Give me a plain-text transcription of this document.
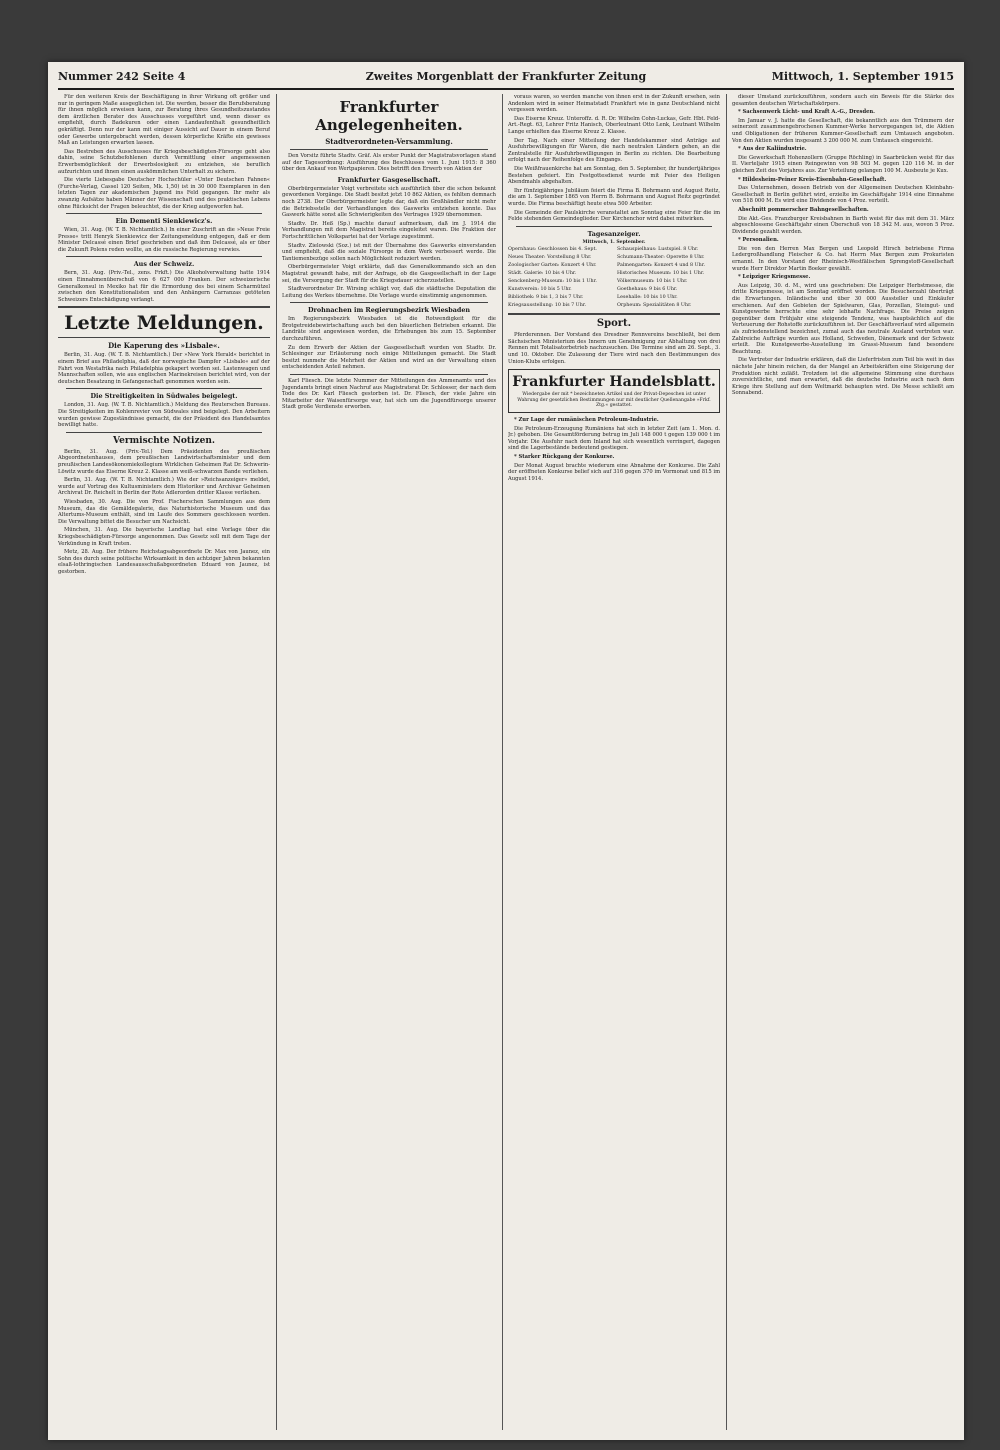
Nummer 242 Seite 4	Zweites Morgenblatt der Frankfurter Zeitung	Mittwoch, 1. September 1915

Für den weiteren Kreis der Beschäftigung in ihrer Wirkung oft größer und nur in geringem Maße ausgeglichen ist. Die werden, besser die Berufsberatung für ihnen möglich erweisen kann, zur Beratung ihres Gesundheitszustandes dem ärztlichen Berater des Ausschusses vorgeführt und, wenn dieser es empfiehlt, durch Badekuren oder einen Landaufenthalt gesundheitlich gekräftigt. Denn nur der kann mit einiger Aussicht auf Dauer in einem Beruf oder Gewerbe untergebracht werden, dessen körperliche Kräfte ein gewisses Maß an Leistungen erwarten lassen.

Das Bestreben des Ausschusses für Kriegsbeschädigten-Fürsorge geht also dahin, seine Schutzbefohlenen durch Vermittlung einer angemessenen Erwerbsmöglichkeit der Erwerbslosigkeit zu entziehen, sie beruflich aufzurichten und ihnen einen auskömmlichen Unterhalt zu sichern.

Die vierte Liebesgabe Deutscher Hochschüler »Unter Deutschen Fahnen« (Furche-Verlag, Cassel 120 Seiten, Mk. 1,50) ist in 30 000 Exemplaren in den letzten Tagen zur akademischen Jugend ins Feld gegangen. Ihr mehr als zwanzig Aufsätze haben Männer der Wissenschaft und des praktischen Lebens ohne Rücksicht der Fragen beleuchtet, die der Krieg aufgeworfen hat.

Ein Dementi Sienkiewicz's.

Wien, 31. Aug. (W. T. B. Nichtamtlich.) In einer Zuschrift an die »Neue Freie Presse« tritt Henryk Sienkiewicz der Zeitungsmeldung entgegen, daß er dem Minister Delcassé einen Brief geschrieben und daß ihm Delcassé, als er über die Zukunft Polens reden wollte, an die russische Regierung verwies.

Aus der Schweiz.

Bern, 31. Aug. (Priv.-Tel., zens. Frkft.) Die Alkoholverwaltung hatte 1914 einen Einnahmenüberschuß von 6 627 000 Franken. Der schweizerische Generalkonsul in Mexiko hat für die Ermordung des bei einem Scharmützel zwischen den Konstitutionalisten und den Anhängern Carranzas getöteten Schweizers Entschädigung verlangt.

Letzte Meldungen.
Die Kaperung des »Lisbale«.

Berlin, 31. Aug. (W. T. B. Nichtamtlich.) Der »New York Herald« berichtet in einem Brief aus Philadelphia, daß der norwegische Dampfer »Lisbale« auf der Fahrt von Westafrika nach Philadelphia gekapert worden sei. Lastenwagen und Mannschaften sollen, wie aus englischen Marinekreisen berichtet wird, von der deutschen Besatzung in Gefangenschaft genommen worden sein.

Die Streitigkeiten in Südwales beigelegt.

London, 31. Aug. (W. T. B. Nichtamtlich.) Meldung des Reuterschen Bureaus. Die Streitigkeiten im Kohlenrevier von Südwales sind beigelegt. Den Arbeitern wurden gewisse Zugeständnisse gemacht, die der Präsident des Handelsamtes bewilligt hatte.

Vermischte Notizen.

Berlin, 31. Aug. (Priv.-Tel.) Dem Präsidenten des preußischen Abgeordnetenhauses, dem preußischen Landwirtschaftsminister und dem preußischen Landesökonomiekollegium Wirklichen Geheimen Rat Dr. Schwerin-Löwitz wurde das Eiserne Kreuz 2. Klasse am weiß-schwarzen Bande verliehen.

Berlin, 31. Aug. (W. T. B. Nichtamtlich.) Wie der »Reichsanzeiger« meldet, wurde auf Vortrag des Kultusministers dem Historiker und Archivar Geheimen Archivrat Dr. Reichelt in Berlin der Rote Adlerorden dritter Klasse verliehen.

Wiesbaden, 30. Aug. Die von Prof. Fischerschen Sammlungen aus dem Museum, das die Gemäldegalerie, das Naturhistorische Museum und das Altertums-Museum enthält, sind im Laufe des Sommers geschlossen worden. Die Verwaltung bittet die Besucher um Nachsicht.

München, 31. Aug. Die bayerische Landtag hat eine Vorlage über die Kriegsbeschädigten-Fürsorge angenommen. Das Gesetz soll mit dem Tage der Verkündung in Kraft treten.

Metz, 28. Aug. Der frühere Reichstagsabgeordnete Dr. Max von Jaunez, ein Sohn des durch seine politische Wirksamkeit in den achtziger Jahren bekannten elsaß-lothringischen Landesausschußabgeordneten Eduard von Jaunez, ist gestorben.

Frankfurter Angelegenheiten.
Stadtverordneten-Versammlung.

Den Vorsitz führte Stadtv. Gräf. Als erster Punkt der Magistratsvorlagen stand auf der Tagesordnung: Ausführung des Beschlusses vom 1. Juni 1915: 8 360 über den Ankauf von Wertpapieren. Dies betrifft den Erwerb von Aktien der

Frankfurter Gasgesellschaft.

Oberbürgermeister Voigt verbreitete sich ausführlich über die schon bekannt gewordenen Vorgänge. Die Stadt besitzt jetzt 10 862 Aktien, es fehlten demnach noch 2738. Der Oberbürgermeister legte dar, daß ein Großhändler nicht mehr die Betriebsstelle der Verhandlungen des Gaswerks entziehen konnte. Das Gaswerk hätte sonst alle Schwierigkeiten des Vertrages 1929 übernommen.

Stadtv. Dr. Heß (Sp.) machte darauf aufmerksam, daß im J. 1914 die Verhandlungen mit dem Magistrat bereits eingeleitet waren. Die Fraktion der Fortschrittlichen Volkspartei hat der Vorlage zugestimmt.

Stadtv. Zielowski (Soz.) ist mit der Übernahme des Gaswerks einverstanden und empfiehlt, daß die soziale Fürsorge in dem Werk verbessert werde. Die Tantiemenbezüge sollen nach Möglichkeit reduziert werden.

Oberbürgermeister Voigt erklärte, daß das Generalkommando sich an den Magistrat gewandt habe, mit der Anfrage, ob die Gasgesellschaft in der Lage sei, die Versorgung der Stadt für die Kriegsdauer sicherzustellen.

Stadtverordneter Dr. Wirsing schlägt vor, daß die städtische Deputation die Leitung des Werkes übernehme. Die Vorlage wurde einstimmig angenommen.

Drohnachen im Regierungsbezirk Wiesbaden

Im Regierungsbezirk Wiesbaden ist die Rotwendigkeit für die Brotgetreidebewirtschaftung auch bei den bäuerlichen Betrieben erkannt. Die Landräte sind angewiesen worden, die Erhebungen bis zum 15. September durchzuführen.

Zu dem Erwerb der Aktien der Gasgesellschaft wurden von Stadtv. Dr. Schlesinger zur Erläuterung noch einige Mitteilungen gemacht. Die Stadt besitzt nunmehr die Mehrheit der Aktien und wird an der Verwaltung einen entscheidenden Anteil nehmen.

Karl Fliesch. Die letzte Nummer der Mitteilungen des Ammenamts und des Jugendamts bringt einen Nachruf aus Magistratsrat Dr. Schlosser, der nach dem Tode des Dr. Karl Fliesch gestorben ist. Dr. Fliesch, der viele Jahre ein Mitarbeiter der Waisenfürsorge war, hat sich um die Jugendfürsorge unserer Stadt große Verdienste erworben.

voraus waren, so werden manche von ihnen erst in der Zukunft ersehen, sein Andenken wird in seiner Heimatstadt Frankfurt wie in ganz Deutschland nicht vergessen werden.

Das Eiserne Kreuz. Unteroffz. d. R. Dr. Wilhelm Cohn-Luckas, Gefr. Hbt. Feld-Art.-Regt. 63, Lehrer Fritz Hanisch, Oberleutnant Otto Lenk, Leutnant Wilhelm Lange erhielten das Eiserne Kreuz 2. Klasse.

Der Tag. Nach einer Mitteilung der Handelskammer sind Anträge auf Ausfuhrbewilligungen für Waren, die nach neutralen Ländern gehen, an die Zentralstelle für Ausfuhrbewilligungen in Berlin zu richten. Die Bearbeitung erfolgt nach der Reihenfolge des Eingangs.

Die Weißfrauenkirche hat am Sonntag, den 5. September, ihr hundertjähriges Bestehen gefeiert. Ein Festgottesdienst wurde mit Feier des Heiligen Abendmahls abgehalten.

Ihr fünfzigjähriges Jubiläum feiert die Firma B. Bohrmann und August Reitz, die am 1. September 1865 von Herrn B. Bohrmann und August Reitz gegründet wurde. Die Firma beschäftigt heute etwa 500 Arbeiter.

Die Gemeinde der Paulskirche veranstaltet am Sonntag eine Feier für die im Felde stehenden Gemeindeglieder. Der Kirchenchor wird dabei mitwirken.

Tagesanzeiger.
Mittwoch, 1. September.
Opernhaus: Geschlossen bis 4. Sept.	Schauspielhaus: Lustspiel. 8 Uhr.
Neues Theater: Vorstellung 8 Uhr.	Schumann-Theater: Operette 8 Uhr.
Zoologischer Garten: Konzert 4 Uhr.	Palmengarten: Konzert 4 und 8 Uhr.
Städt. Galerie: 10 bis 4 Uhr.	Historisches Museum: 10 bis 1 Uhr.
Senckenberg-Museum: 10 bis 1 Uhr.	Völkermuseum: 10 bis 1 Uhr.
Kunstverein: 10 bis 5 Uhr.	Goethehaus: 9 bis 6 Uhr.
Bibliothek: 9 bis 1, 3 bis 7 Uhr.	Lesehalle: 10 bis 10 Uhr.
Kriegsausstellung: 10 bis 7 Uhr.	Orpheum: Spezialitäten 8 Uhr.
Sport.

Pferderennen. Der Vorstand des Dresdner Rennvereins beschließt, bei dem Sächsischen Ministerium des Innern um Genehmigung zur Abhaltung von drei Rennen mit Totalisatorbetrieb nachzusuchen. Die Termine sind am 26. Sept., 3. und 10. Oktober. Die Zulassung der Tiere wird nach den Bestimmungen des Union-Klubs erfolgen.

Frankfurter Handelsblatt.
Wiedergabe der mit * bezeichneten Artikel und der Privat-Depeschen ist unter Wahrung der gesetzlichen Bestimmungen nur mit deutlicher Quellenangabe »Frkf. Ztg.« gestattet.

* Zur Lage der rumänischen Petroleum-Industrie.

Die Petroleum-Erzeugung Rumäniens hat sich in letzter Zeit (am 1. Mon. d. Jr.) gehoben. Die Gesamtförderung betrug im Juli 148 000 t gegen 139 000 t im Vorjahr. Die Ausfuhr nach dem Inland hat sich wesentlich verringert, dagegen sind die Lagerbestände bedeutend gestiegen.

* Starker Rückgang der Konkurse.

Der Monat August brachte wiederum eine Abnahme der Konkurse. Die Zahl der eröffneten Konkurse belief sich auf 316 gegen 370 im Vormonat und 815 im August 1914.

dieser Umstand zurückzuführen, sondern auch ein Beweis für die Stärke des gesamten deutschen Wirtschaftskörpers.

* Sachsenwerk Licht- und Kraft A.-G., Dresden.

Im Januar v. J. hatte die Gesellschaft, die bekanntlich aus den Trümmern der seinerzeit zusammengebrochenen Kummer-Werke hervorgegangen ist, die Aktien und Obligationen der früheren Kummer-Gesellschaft zum Umtausch angeboten. Von den Aktien wurden insgesamt 3 200 000 M. zum Umtausch eingereicht.

* Aus der Kaliindustrie.

Die Gewerkschaft Hohenzollern (Gruppe Röchling) in Saarbrücken weist für das II. Vierteljahr 1915 einen Reingewinn von 98 503 M. gegen 120 116 M. in der gleichen Zeit des Vorjahres aus. Zur Verteilung gelangen 100 M. Ausbeute je Kux.

* Hildesheim-Peiner Kreis-Eisenbahn-Gesellschaft.

Das Unternehmen, dessen Betrieb von der Allgemeinen Deutschen Kleinbahn-Gesellschaft in Berlin geführt wird, erzielte im Geschäftsjahr 1914 eine Einnahme von 518 000 M. Es wird eine Dividende von 4 Proz. verteilt.

Abschnitt pommerscher Bahngesellschaften.

Die Akt.-Ges. Franzburger Kreisbahnen in Barth weist für das mit dem 31. März abgeschlossene Geschäftsjahr einen Überschuß von 18 342 M. aus, wovon 5 Proz. Dividende gezahlt werden.

* Personalien.

Die von den Herren Max Bergen und Leopold Hirsch betriebene Firma Ledergroßhandlung Fleischer & Co. hat Herrn Max Bergen zum Prokuristen ernannt. In den Vorstand der Rheinisch-Westfälischen Sprengstoff-Gesellschaft wurde Herr Direktor Martin Boeker gewählt.

* Leipziger Kriegsmesse.

Aus Leipzig, 30. d. M., wird uns geschrieben: Die Leipziger Herbstmesse, die dritte Kriegsmesse, ist am Sonntag eröffnet worden. Die Besucherzahl überträgt die Erwartungen. Inländische und über 30 000 Aussteller und Einkäufer erschienen. Auf den Gebieten der Spielwaren, Glas, Porzellan, Steingut- und Kunstgewerbe herrschte eine sehr lebhafte Nachfrage. Die Preise zeigen gegenüber dem Frühjahr eine steigende Tendenz, was hauptsächlich auf die Verteuerung der Rohstoffe zurückzuführen ist. Der Geschäftsverlauf wird allgemein als zufriedenstellend bezeichnet, zumal auch das neutrale Ausland vertreten war. Zahlreiche Aufträge wurden aus Holland, Schweden, Dänemark und der Schweiz erteilt. Die Kunstgewerbe-Ausstellung im Grassi-Museum fand besondere Beachtung.

Die Vertreter der Industrie erklären, daß die Lieferfristen zum Teil bis weit in das nächste Jahr hinein reichen, da der Mangel an Arbeitskräften eine Steigerung der Produktion nicht zuläßt. Trotzdem ist die allgemeine Stimmung eine durchaus zuversichtliche, und man erwartet, daß die deutsche Industrie auch nach dem Kriege ihre Stellung auf dem Weltmarkt behaupten wird. Die Messe schließt am Sonnabend.
